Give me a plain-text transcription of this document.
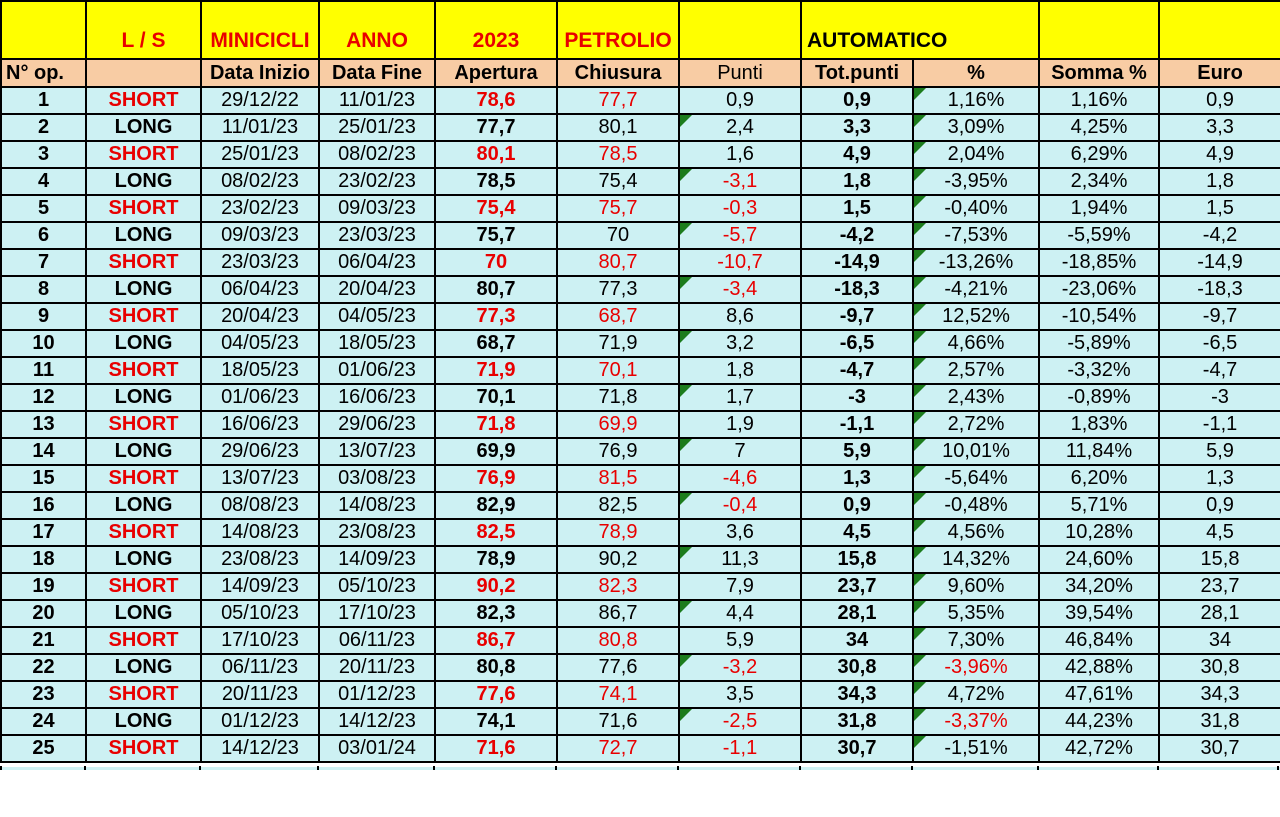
	L / S	MINICICLI	ANNO	2023	PETROLIO		AUTOMATICO			
N° op.		Data Inizio	Data Fine	Apertura	Chiusura	Punti	Tot.punti	%	Somma %	Euro
1	SHORT	29/12/22	11/01/23	78,6	77,7	0,9	0,9	1,16%	1,16%	0,9
2	LONG	11/01/23	25/01/23	77,7	80,1	2,4	3,3	3,09%	4,25%	3,3
3	SHORT	25/01/23	08/02/23	80,1	78,5	1,6	4,9	2,04%	6,29%	4,9
4	LONG	08/02/23	23/02/23	78,5	75,4	-3,1	1,8	-3,95%	2,34%	1,8
5	SHORT	23/02/23	09/03/23	75,4	75,7	-0,3	1,5	-0,40%	1,94%	1,5
6	LONG	09/03/23	23/03/23	75,7	70	-5,7	-4,2	-7,53%	-5,59%	-4,2
7	SHORT	23/03/23	06/04/23	70	80,7	-10,7	-14,9	-13,26%	-18,85%	-14,9
8	LONG	06/04/23	20/04/23	80,7	77,3	-3,4	-18,3	-4,21%	-23,06%	-18,3
9	SHORT	20/04/23	04/05/23	77,3	68,7	8,6	-9,7	12,52%	-10,54%	-9,7
10	LONG	04/05/23	18/05/23	68,7	71,9	3,2	-6,5	4,66%	-5,89%	-6,5
11	SHORT	18/05/23	01/06/23	71,9	70,1	1,8	-4,7	2,57%	-3,32%	-4,7
12	LONG	01/06/23	16/06/23	70,1	71,8	1,7	-3	2,43%	-0,89%	-3
13	SHORT	16/06/23	29/06/23	71,8	69,9	1,9	-1,1	2,72%	1,83%	-1,1
14	LONG	29/06/23	13/07/23	69,9	76,9	7	5,9	10,01%	11,84%	5,9
15	SHORT	13/07/23	03/08/23	76,9	81,5	-4,6	1,3	-5,64%	6,20%	1,3
16	LONG	08/08/23	14/08/23	82,9	82,5	-0,4	0,9	-0,48%	5,71%	0,9
17	SHORT	14/08/23	23/08/23	82,5	78,9	3,6	4,5	4,56%	10,28%	4,5
18	LONG	23/08/23	14/09/23	78,9	90,2	11,3	15,8	14,32%	24,60%	15,8
19	SHORT	14/09/23	05/10/23	90,2	82,3	7,9	23,7	9,60%	34,20%	23,7
20	LONG	05/10/23	17/10/23	82,3	86,7	4,4	28,1	5,35%	39,54%	28,1
21	SHORT	17/10/23	06/11/23	86,7	80,8	5,9	34	7,30%	46,84%	34
22	LONG	06/11/23	20/11/23	80,8	77,6	-3,2	30,8	-3,96%	42,88%	30,8
23	SHORT	20/11/23	01/12/23	77,6	74,1	3,5	34,3	4,72%	47,61%	34,3
24	LONG	01/12/23	14/12/23	74,1	71,6	-2,5	31,8	-3,37%	44,23%	31,8
25	SHORT	14/12/23	03/01/24	71,6	72,7	-1,1	30,7	-1,51%	42,72%	30,7
